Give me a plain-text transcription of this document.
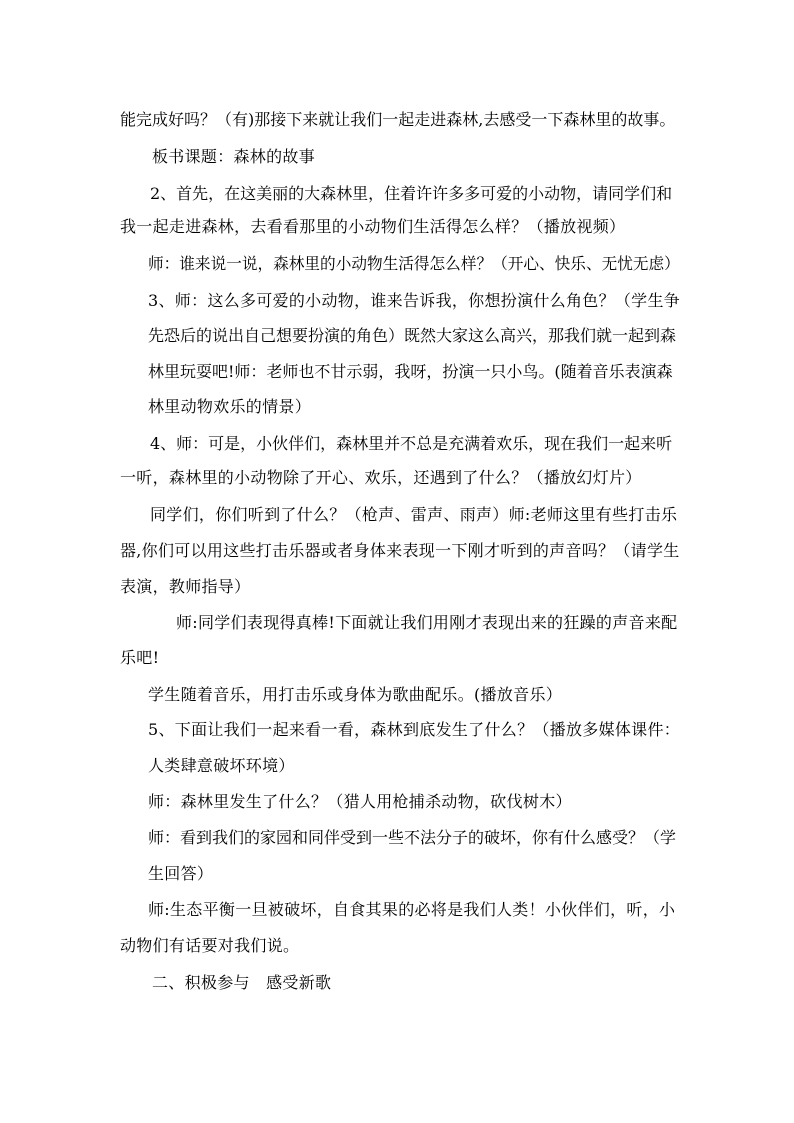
能完成好吗？（有)那接下来就让我们一起走进森林,去感受一下森林里的故事。
板书课题：森林的故事
2、首先，在这美丽的大森林里，住着许许多多可爱的小动物，请同学们和
我一起走进森林，去看看那里的小动物们生活得怎么样？（播放视频）
师：谁来说一说，森林里的小动物生活得怎么样？（开心、快乐、无忧无虑）
3、师：这么多可爱的小动物，谁来告诉我，你想扮演什么角色？（学生争
先恐后的说出自己想要扮演的角色）既然大家这么高兴，那我们就一起到森
林里玩耍吧!师：老师也不甘示弱，我呀，扮演一只小鸟。(随着音乐表演森
林里动物欢乐的情景）
4、师：可是，小伙伴们，森林里并不总是充满着欢乐，现在我们一起来听
一听，森林里的小动物除了开心、欢乐，还遇到了什么？（播放幻灯片）
同学们，你们听到了什么？（枪声、雷声、雨声）师:老师这里有些打击乐
器,你们可以用这些打击乐器或者身体来表现一下刚才听到的声音吗？（请学生
表演，教师指导）
师:同学们表现得真棒!下面就让我们用刚才表现出来的狂躁的声音来配
乐吧!
学生随着音乐，用打击乐或身体为歌曲配乐。(播放音乐）
5、下面让我们一起来看一看，森林到底发生了什么？（播放多媒体课件：
人类肆意破坏环境）
师：森林里发生了什么？（猎人用枪捕杀动物，砍伐树木）
师：看到我们的家园和同伴受到一些不法分子的破坏，你有什么感受？（学
生回答）
师:生态平衡一旦被破坏，自食其果的必将是我们人类！小伙伴们，听，小
动物们有话要对我们说。
二、积极参与　感受新歌
